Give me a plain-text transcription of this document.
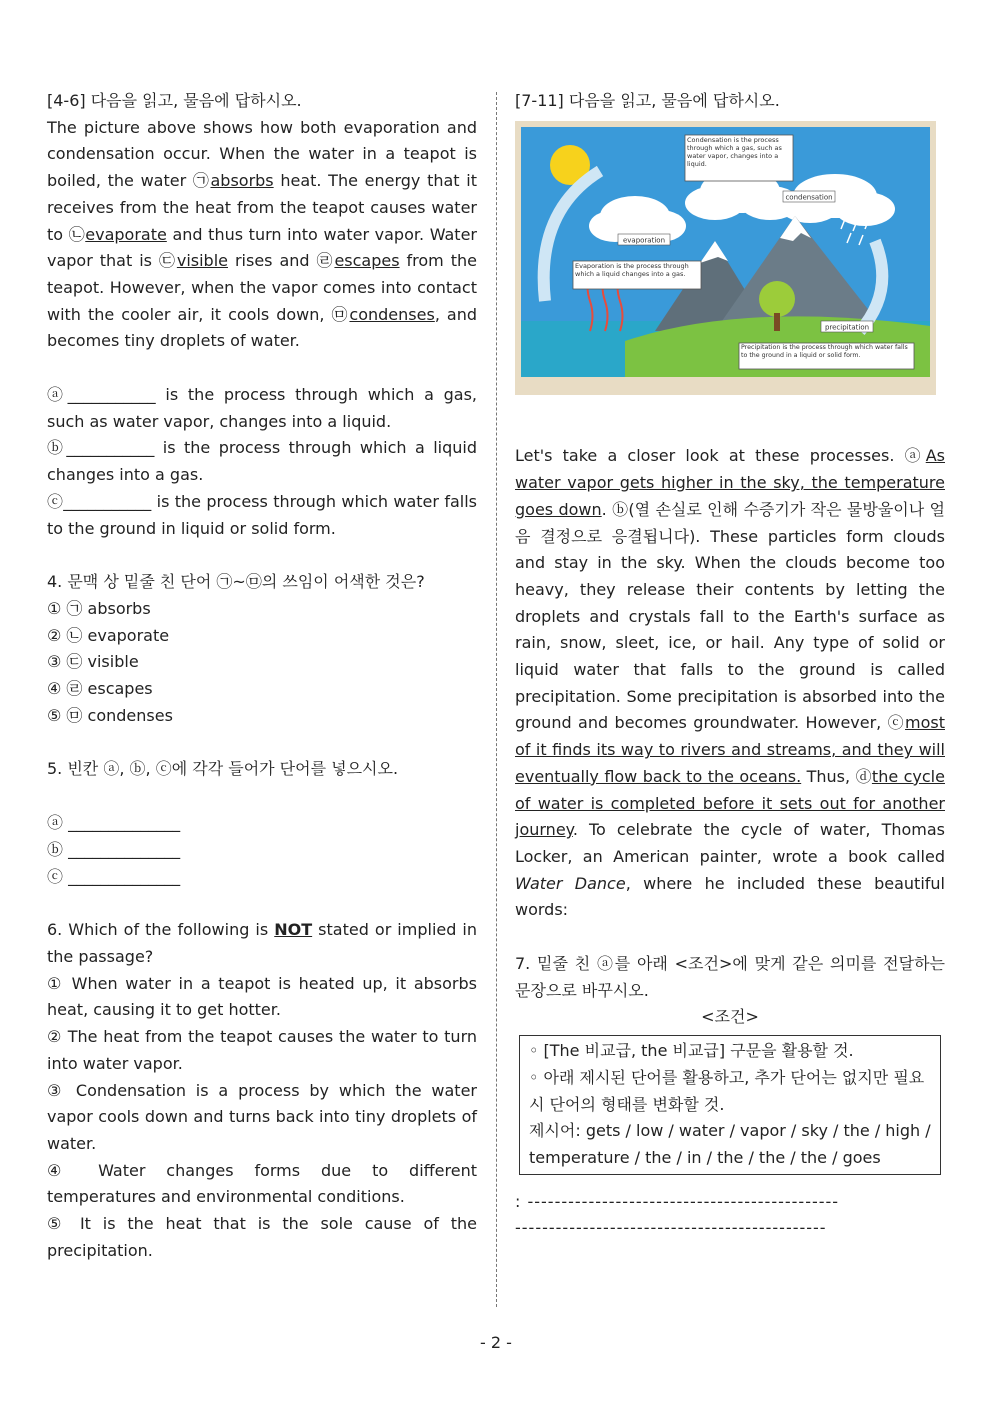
[4-6] 다음을 읽고, 물음에 답하시오.

The picture above shows how both evaporation and condensation occur. When the water in a teapot is boiled, the water ㉠absorbs heat. The energy that it receives from the heat from the teapot causes water to ㉡evaporate and thus turn into water vapor. Water vapor that is ㉢visible rises and ㉣escapes from the teapot. However, when the vapor comes into contact with the cooler air, it cools down, ㉤condenses, and becomes tiny droplets of water.

ⓐ___________ is the process through which a gas, such as water vapor, changes into a liquid.

ⓑ___________ is the process through which a liquid changes into a gas.

ⓒ___________ is the process through which water falls to the ground in liquid or solid form.

4. 문맥 상 밑줄 친 단어 ㉠~㉤의 쓰임이 어색한 것은?

① ㉠ absorbs

② ㉡ evaporate

③ ㉢ visible

④ ㉣ escapes

⑤ ㉤ condenses

5. 빈칸 ⓐ, ⓑ, ⓒ에 각각 들어가 단어를 넣으시오.

ⓐ ______________

ⓑ ______________

ⓒ ______________

6. Which of the following is NOT stated or implied in the passage?

① When water in a teapot is heated up, it absorbs heat, causing it to get hotter.

② The heat from the teapot causes the water to turn into water vapor.

③ Condensation is a process by which the water vapor cools down and turns back into tiny droplets of water.

④ Water changes forms due to different temperatures and environmental conditions.

⑤ It is the heat that is the sole cause of the precipitation.

[7-11] 다음을 읽고, 물음에 답하시오.

Condensation is the process through which a gas, such as water vapor, changes into a liquid.
condensation
evaporation
Evaporation is the process through which a liquid changes into a gas.
precipitation
Precipitation is the process through which water falls to the ground in a liquid or solid form.

Let's take a closer look at these processes. ⓐAs water vapor gets higher in the sky, the temperature goes down. ⓑ(열 손실로 인해 수증기가 작은 물방울이나 얼음 결정으로 응결됩니다). These particles form clouds and stay in the sky. When the clouds become too heavy, they release their contents by letting the droplets and crystals fall to the Earth's surface as rain, snow, sleet, ice, or hail. Any type of solid or liquid water that falls to the ground is called precipitation. Some precipitation is absorbed into the ground and becomes groundwater. However, ⓒmost of it finds its way to rivers and streams, and they will eventually flow back to the oceans. Thus, ⓓthe cycle of water is completed before it sets out for another journey. To celebrate the cycle of water, Thomas Locker, an American painter, wrote a book called Water Dance, where he included these beautiful words:

7. 밑줄 친 ⓐ를 아래 <조건>에 맞게 같은 의미를 전달하는 문장으로 바꾸시오.

<조건>

◦ [The 비교급, the 비교급] 구문을 활용할 것.

◦ 아래 제시된 단어를 활용하고, 추가 단어는 없지만 필요시 단어의 형태를 변화할 것.

제시어: gets / low / water / vapor / sky / the / high / temperature / the / in / the / the / the / goes

: ----------------------------------------------

----------------------------------------------

- 2 -
